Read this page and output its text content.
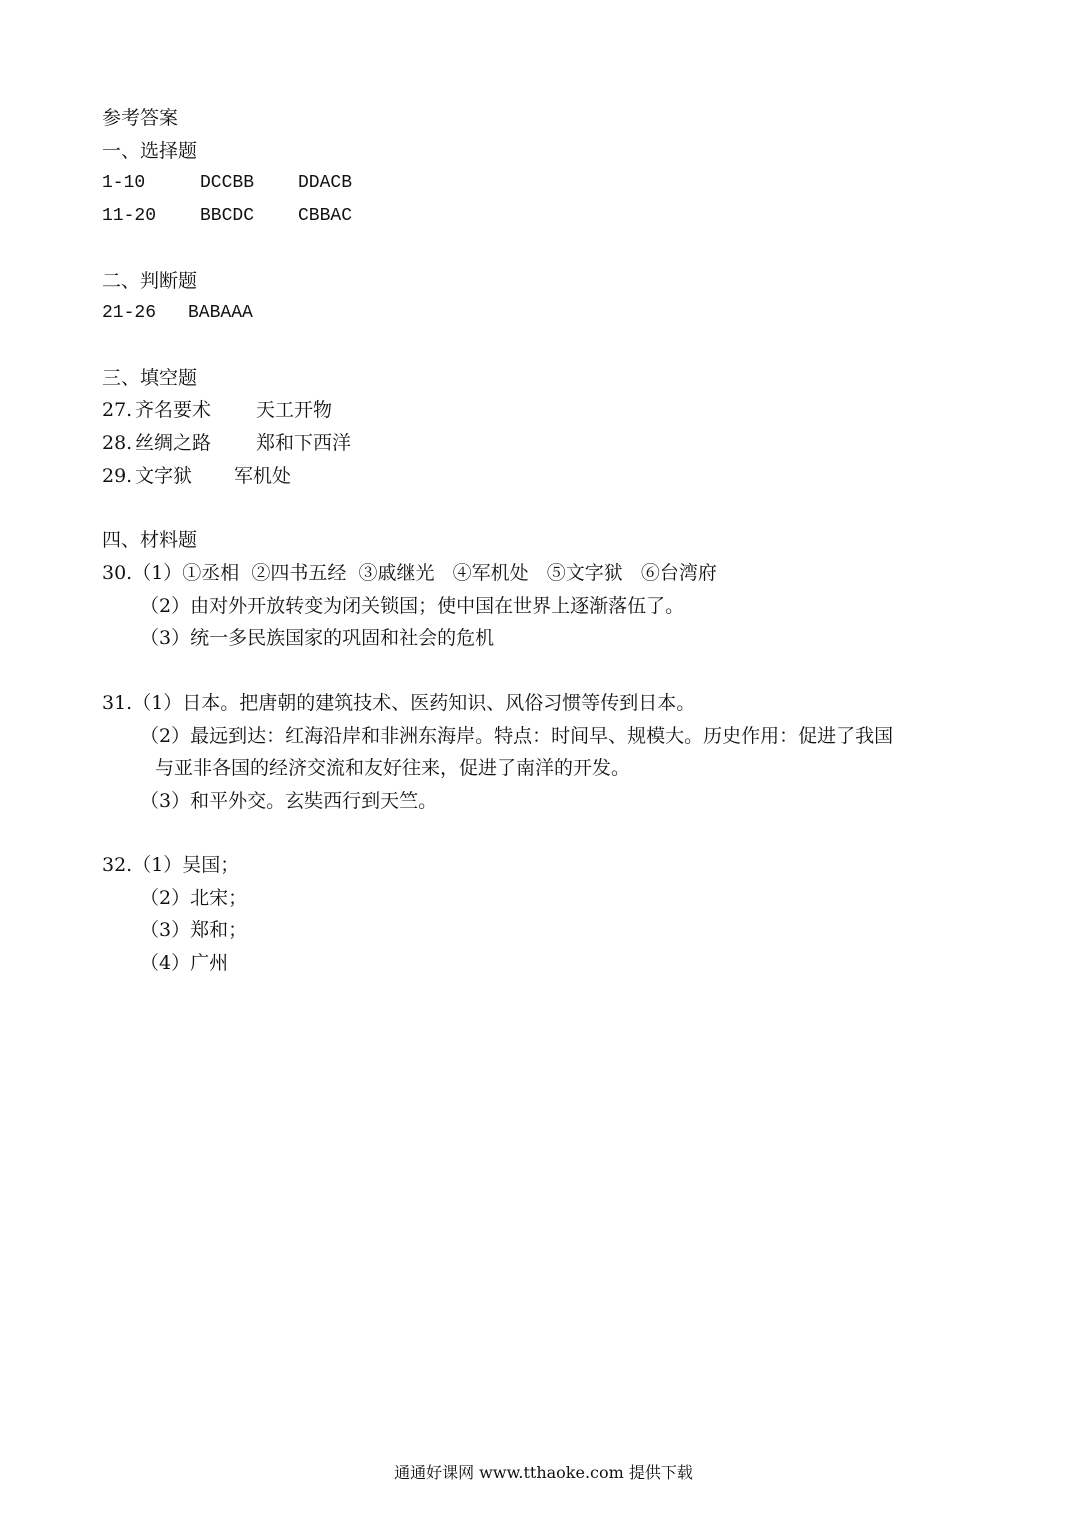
参考答案
一、选择题
1-10	DCCBB DDACB
11-20 BBCDC CBBAC
二、判断题
21-26 BABAAA
三、填空题
27. 齐名要术 天工开物
28. 丝绸之路 郑和下西洋
29. 文字狱 军机处
四、材料题
30.（1）①丞相  ②四书五经  ③戚继光   ④军机处   ⑤文字狱   ⑥台湾府
（2）由对外开放转变为闭关锁国；使中国在世界上逐渐落伍了。
（3）统一多民族国家的巩固和社会的危机
31.（1）日本。把唐朝的建筑技术、医药知识、风俗习惯等传到日本。
（2）最远到达：红海沿岸和非洲东海岸。特点：时间早、规模大。历史作用：促进了我国
与亚非各国的经济交流和友好往来，促进了南洋的开发。
（3）和平外交。玄奘西行到天竺。
32.（1）吴国；
（2）北宋；
（3）郑和；
（4）广州
通通好课网 www.tthaoke.com 提供下载
